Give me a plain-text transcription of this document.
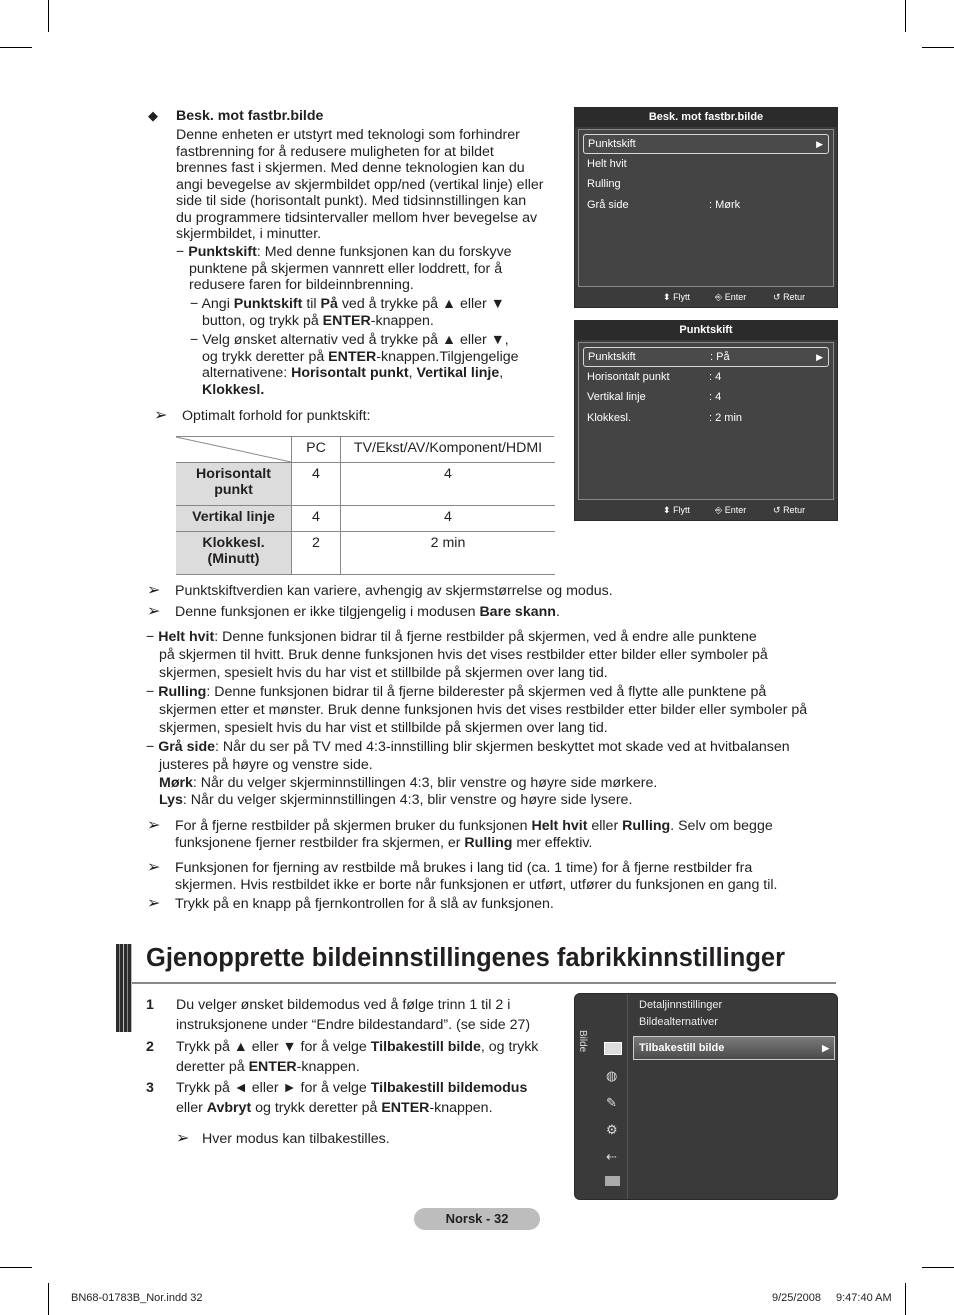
◆ Besk. mot fastbr.bilde
Denne enheten er utstyrt med teknologi som forhindrer
fastbrenning for å redusere muligheten for at bildet
brennes fast i skjermen. Med denne teknologien kan du
angi bevegelse av skjermbildet opp/ned (vertikal linje) eller
side til side (horisontalt punkt). Med tidsinnstillingen kan
du programmere tidsintervaller mellom hver bevegelse av
skjermbildet, i minutter.
− Punktskift: Med denne funksjonen kan du forskyve
punktene på skjermen vannrett eller loddrett, for å
redusere faren for bildeinnbrenning.
− Angi Punktskift til På ved å trykke på ▲ eller ▼
button, og trykk på ENTER-knappen.
− Velg ønsket alternativ ved å trykke på ▲ eller ▼,
og trykk deretter på ENTER-knappen.Tilgjengelige
alternativene: Horisontalt punkt, Vertikal linje,
Klokkesl.
➢ Optimalt forhold for punktskift:
	PC	TV/Ekst/AV/Komponent/HDMI
Horisontalt punkt	4	4
Vertikal linje	4	4
Klokkesl. (Minutt)	2	2 min
➢ Punktskiftverdien kan variere, avhengig av skjermstørrelse og modus.
➢ Denne funksjonen er ikke tilgjengelig i modusen Bare skann.
− Helt hvit: Denne funksjonen bidrar til å fjerne restbilder på skjermen, ved å endre alle punktene
på skjermen til hvitt. Bruk denne funksjonen hvis det vises restbilder etter bilder eller symboler på
skjermen, spesielt hvis du har vist et stillbilde på skjermen over lang tid.
− Rulling: Denne funksjonen bidrar til å fjerne bilderester på skjermen ved å flytte alle punktene på
skjermen etter et mønster. Bruk denne funksjonen hvis det vises restbilder etter bilder eller symboler på
skjermen, spesielt hvis du har vist et stillbilde på skjermen over lang tid.
− Grå side: Når du ser på TV med 4:3-innstilling blir skjermen beskyttet mot skade ved at hvitbalansen
justeres på høyre og venstre side.
Mørk: Når du velger skjerminnstillingen 4:3, blir venstre og høyre side mørkere.
Lys: Når du velger skjerminnstillingen 4:3, blir venstre og høyre side lysere.
➢ For å fjerne restbilder på skjermen bruker du funksjonen Helt hvit eller Rulling. Selv om begge
funksjonene fjerner restbilder fra skjermen, er Rulling mer effektiv.
➢ Funksjonen for fjerning av restbilde må brukes i lang tid (ca. 1 time) for å fjerne restbilder fra
skjermen. Hvis restbildet ikke er borte når funksjonen er utført, utfører du funksjonen en gang til.
➢ Trykk på en knapp på fjernkontrollen for å slå av funksjonen.
Besk. mot fastbr.bilde
Punktskift	▶
Helt hvit
Rulling
Grå side	: Mørk
⬍ Flytt	⎆ Enter	↺ Retur
Punktskift
Punktskift	: På	▶
Horisontalt punkt	: 4
Vertikal linje	: 4
Klokkesl.	: 2 min
⬍ Flytt	⎆ Enter	↺ Retur
Gjenopprette bildeinnstillingenes fabrikkinnstillinger
1 Du velger ønsket bildemodus ved å følge trinn 1 til 2 i
instruksjonene under “Endre bildestandard”. (se side 27)
2 Trykk på ▲ eller ▼ for å velge Tilbakestill bilde, og trykk
deretter på ENTER-knappen.
3 Trykk på ◄ eller ► for å velge Tilbakestill bildemodus
eller Avbryt og trykk deretter på ENTER-knappen.
➢ Hver modus kan tilbakestilles.
Bilde
◍
✎
⚙
⇠
Detaljinnstillinger
Bildealternativer
Tilbakestill bilde	▶
Norsk - 32
BN68-01783B_Nor.indd 32	9/25/2008 9:47:40 AM
